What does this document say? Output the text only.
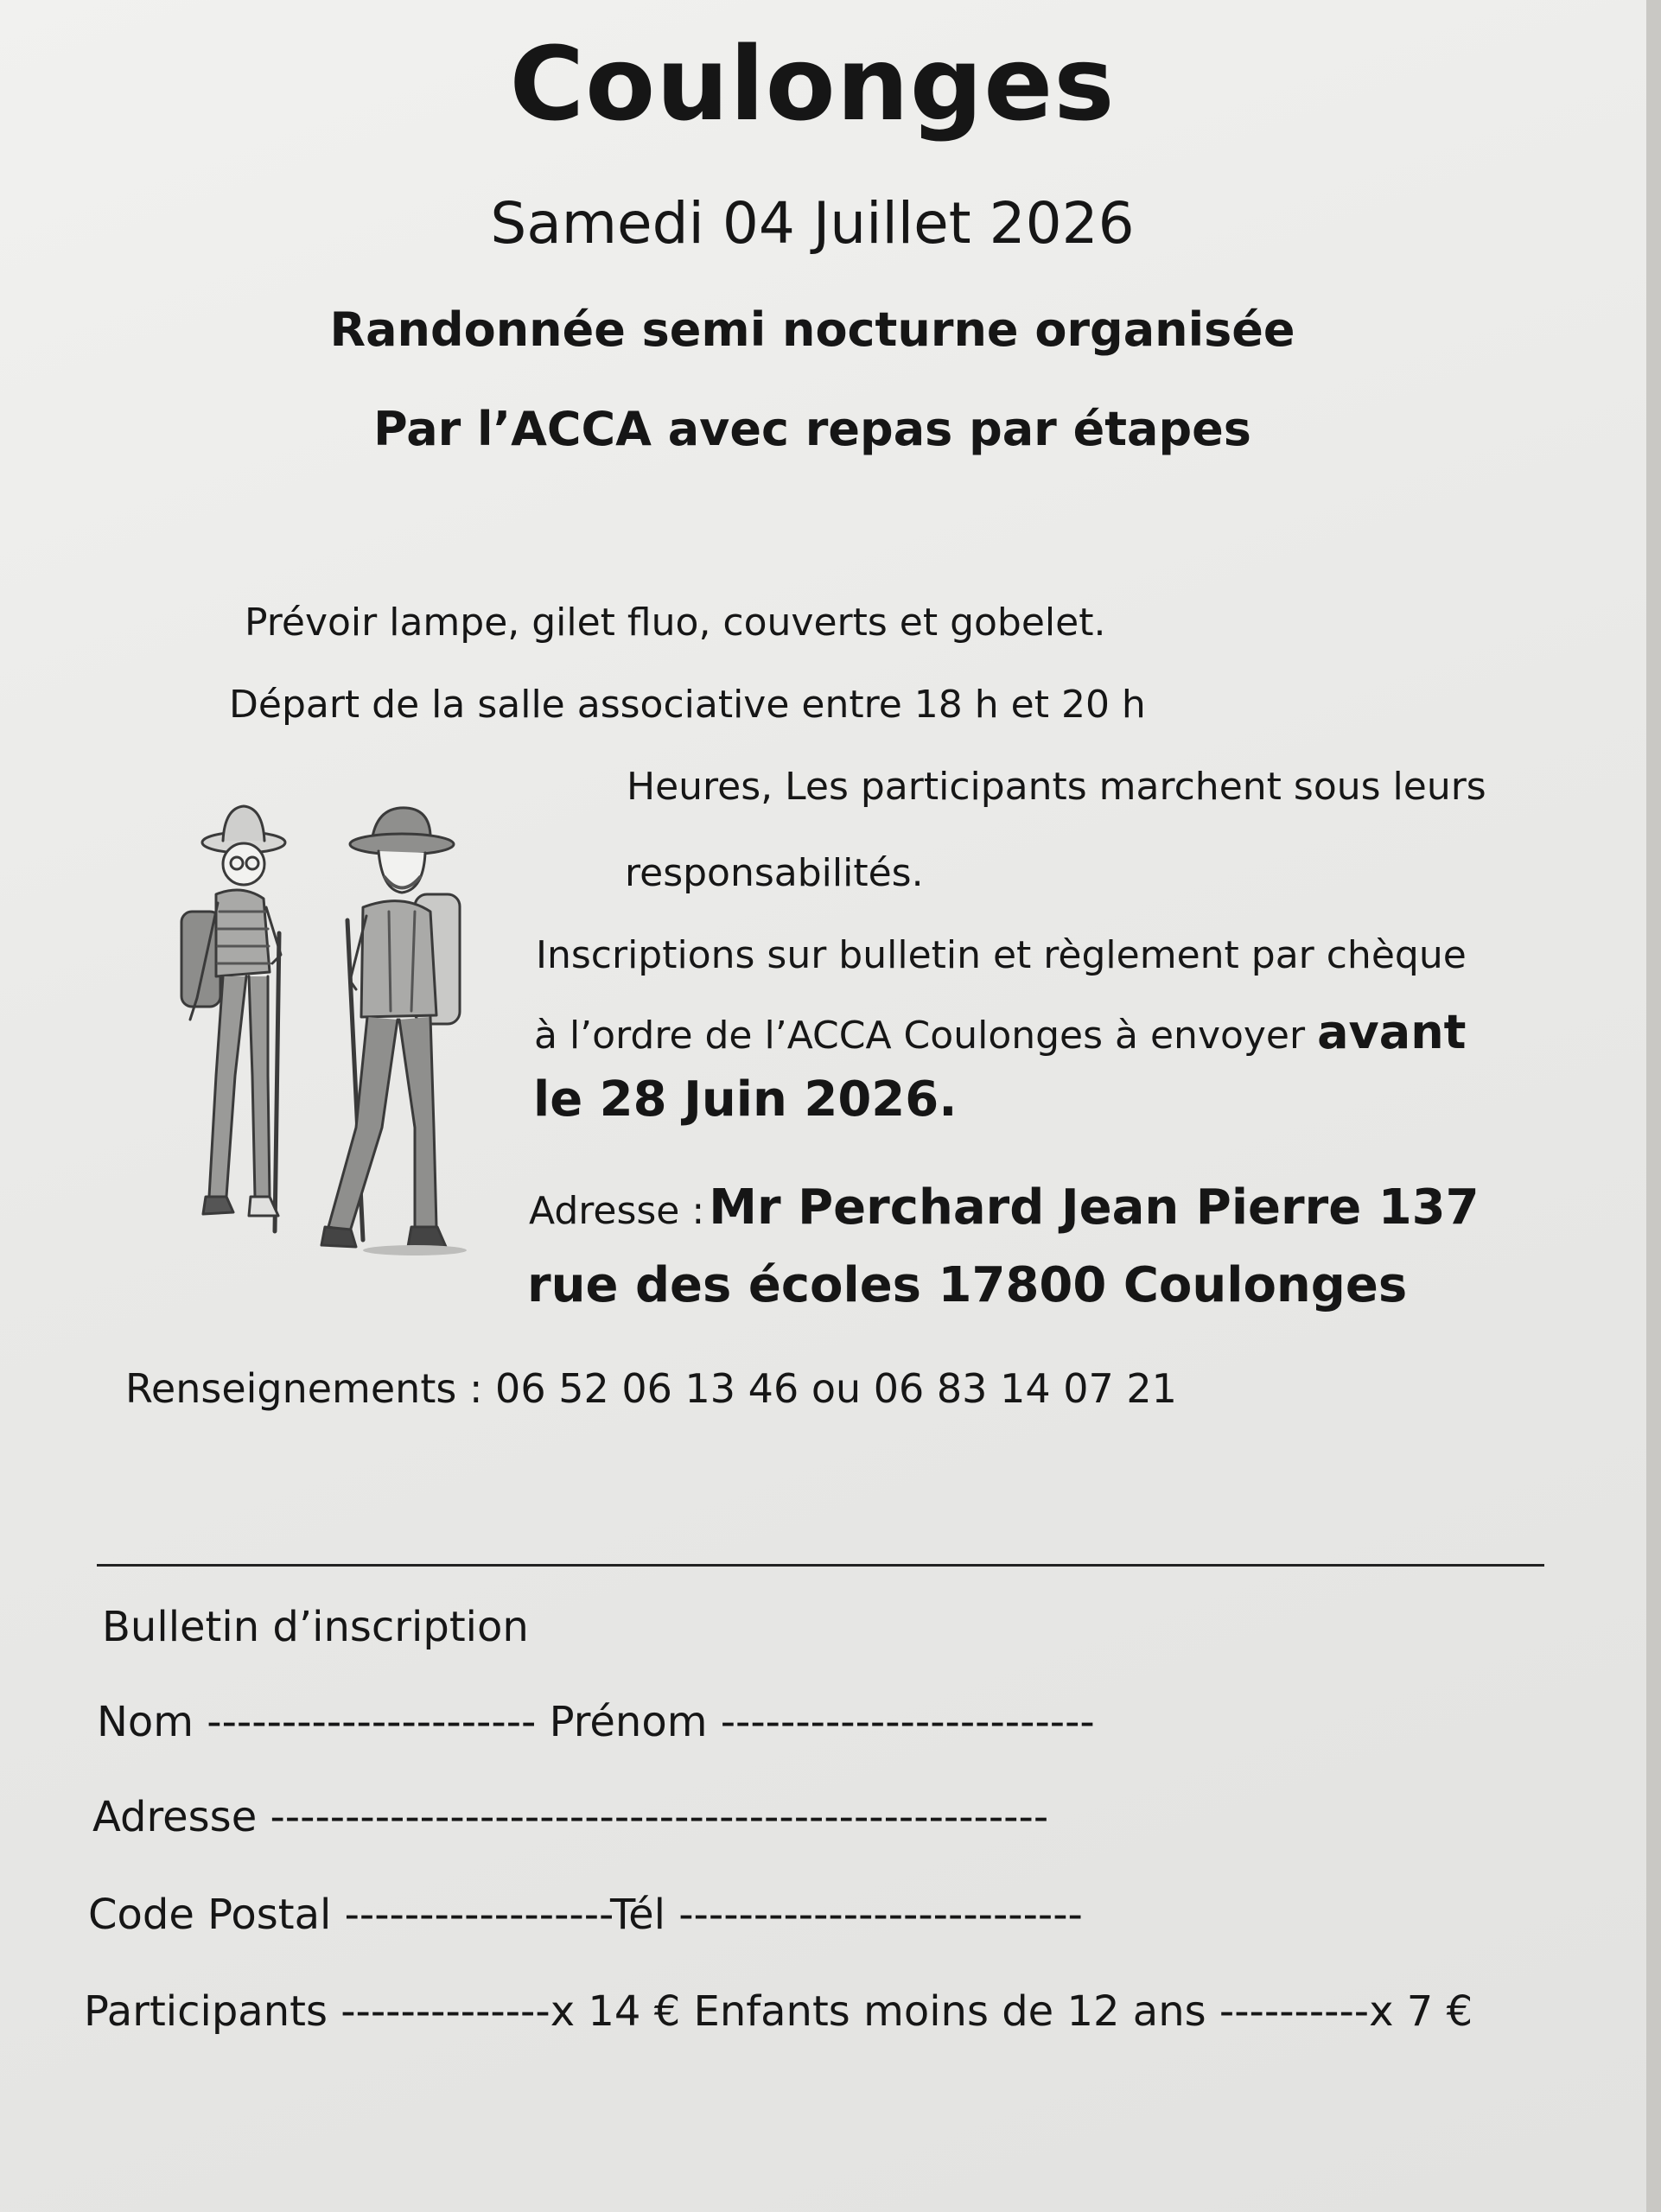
Coulonges
Samedi 04 Juillet 2026
Randonnée semi nocturne organisée
Par l’ACCA avec repas par étapes
Prévoir lampe, gilet fluo, couverts et gobelet.
Départ de la salle associative entre 18 h et 20 h
Heures, Les participants marchent sous leurs
responsabilités.
Inscriptions sur bulletin et règlement par chèque
à l’ordre de l’ACCA Coulonges à envoyer avant
le 28 Juin 2026.
Adresse : Mr Perchard Jean Pierre 137
rue des écoles 17800 Coulonges
Renseignements : 06 52 06 13 46 ou 06 83 14 07 21
Bulletin d’inscription
Nom ---------------------- Prénom -------------------------
Adresse ----------------------------------------------------
Code Postal ------------------Tél ---------------------------
Participants --------------x 14 € Enfants moins de 12 ans ----------x 7 €
